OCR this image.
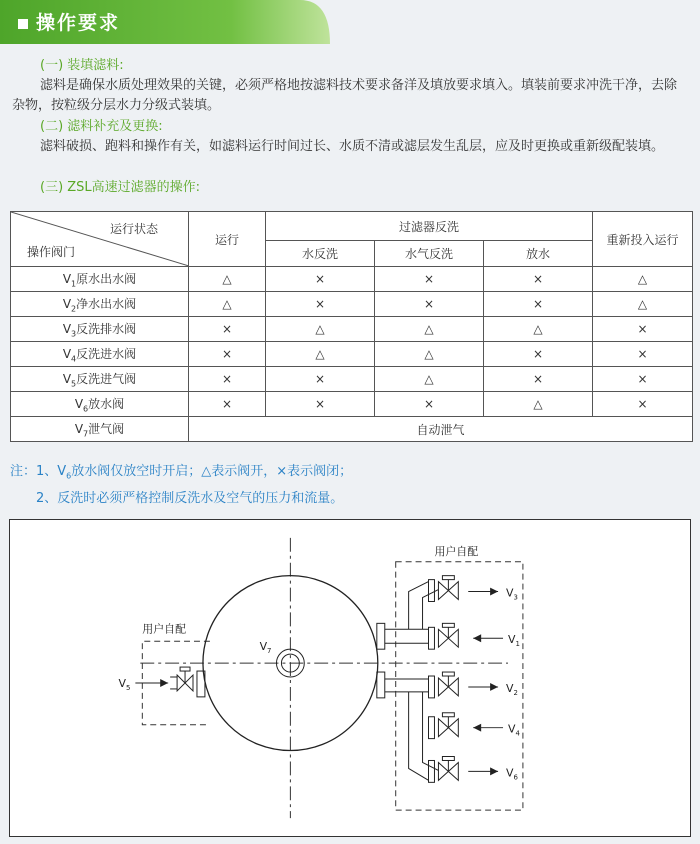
操作要求
(一) 装填滤料:
滤料是确保水质处理效果的关键，必须严格地按滤料技术要求备洋及填放要求填入。填装前要求冲洗干净，去除杂物，按粒级分层水力分级式装填。
(二) 滤料补充及更换:
滤料破损、跑料和操作有关，如滤料运行时间过长、水质不清或滤层发生乱层，应及时更换或重新级配装填。
(三) ZSL高速过滤器的操作:
运行状态
操作阀门	运行	过滤器反洗			重新投入运行
		水反洗	水气反洗	放水	
$V_1$原水出水阀	△	×	×	×	△
$V_2$净水出水阀	△	×	×	×	△
$V_3$反洗排水阀	×	△	△	△	×
$V_4$反洗进水阀	×	△	△	×	×
$V_5$反洗进气阀	×	×	△	×	×
$V_6$放水阀	×	×	×	△	×
$V_7$泄气阀	自动泄气				
注：1、$V_6$放水阀仅放空时开启；△表示阀开，×表示阀闭；
2、反洗时必须严格控制反洗水及空气的压力和流量。
用户自配
用户自配
$V_7$
$V_3$
$V_1$
$V_2$
$V_4$
$V_6$
$V_5$
